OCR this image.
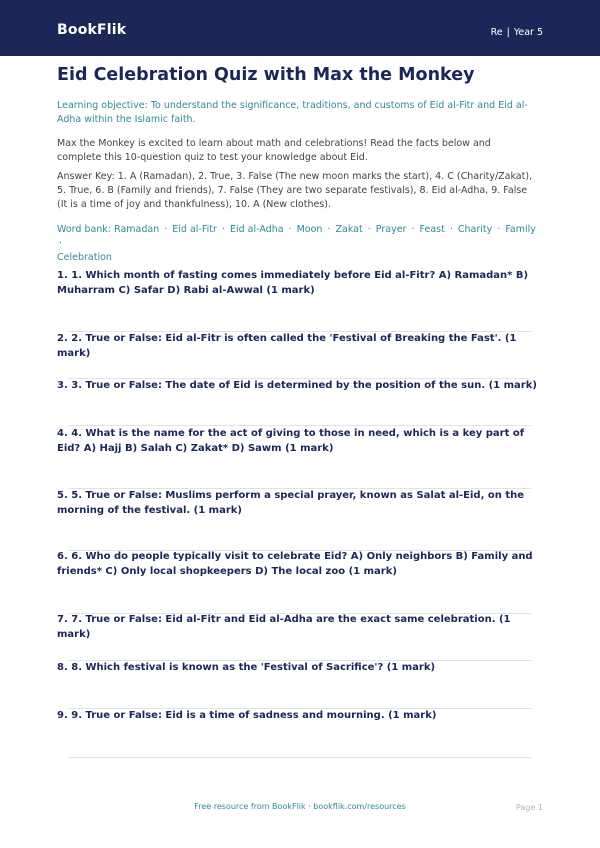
BookFlik	Re | Year 5
Eid Celebration Quiz with Max the Monkey

Learning objective: To understand the significance, traditions, and customs of Eid al-Fitr and Eid al-Adha within the Islamic faith.

Max the Monkey is excited to learn about math and celebrations! Read the facts below and complete this 10-question quiz to test your knowledge about Eid.

Answer Key: 1. A (Ramadan), 2. True, 3. False (The new moon marks the start), 4. C (Charity/Zakat), 5. True, 6. B (Family and friends), 7. False (They are two separate festivals), 8. Eid al-Adha, 9. False (It is a time of joy and thankfulness), 10. A (New clothes).

Word bank: Ramadan · Eid al-Fitr · Eid al-Adha · Moon · Zakat · Prayer · Feast · Charity · Family ·
Celebration

1. 1. Which month of fasting comes immediately before Eid al-Fitr? A) Ramadan* B) Muharram C) Safar D) Rabi al-Awwal (1 mark)

2. 2. True or False: Eid al-Fitr is often called the 'Festival of Breaking the Fast'. (1 mark)

3. 3. True or False: The date of Eid is determined by the position of the sun. (1 mark)

4. 4. What is the name for the act of giving to those in need, which is a key part of Eid? A) Hajj B) Salah C) Zakat* D) Sawm (1 mark)

5. 5. True or False: Muslims perform a special prayer, known as Salat al-Eid, on the morning of the festival. (1 mark)

6. 6. Who do people typically visit to celebrate Eid? A) Only neighbors B) Family and friends* C) Only local shopkeepers D) The local zoo (1 mark)

7. 7. True or False: Eid al-Fitr and Eid al-Adha are the exact same celebration. (1 mark)

8. 8. Which festival is known as the 'Festival of Sacrifice'? (1 mark)

9. 9. True or False: Eid is a time of sadness and mourning. (1 mark)

Free resource from BookFlik · bookflik.com/resources	Page 1
